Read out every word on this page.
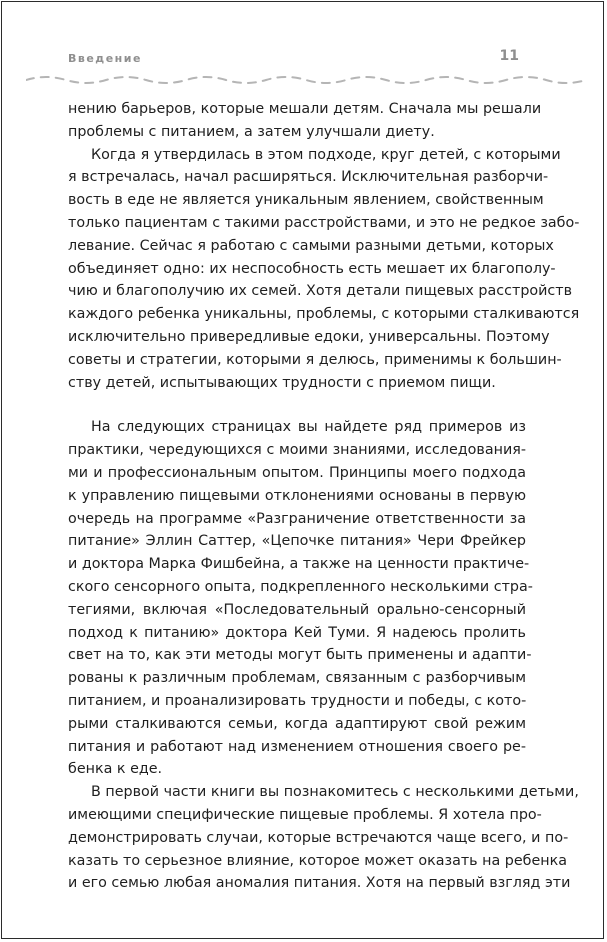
Введение	11
нению барьеров, которые мешали детям. Сначала мы решали
проблемы с питанием, а затем улучшали диету.
Когда я утвердилась в этом подходе, круг детей, с которыми
я встречалась, начал расширяться. Исключительная разборчи-
вость в еде не является уникальным явлением, свойственным
только пациентам с такими расстройствами, и это не редкое забо-
левание. Сейчас я работаю с самыми разными детьми, которых
объединяет одно: их неспособность есть мешает их благополу-
чию и благополучию их семей. Хотя детали пищевых расстройств
каждого ребенка уникальны, проблемы, с которыми сталкиваются
исключительно привередливые едоки, универсальны. Поэтому
советы и стратегии, которыми я делюсь, применимы к большин-
ству детей, испытывающих трудности с приемом пищи.
На следующих страницах вы найдете ряд примеров из
практики, чередующихся с моими знаниями, исследования-
ми и профессиональным опытом. Принципы моего подхода
к управлению пищевыми отклонениями основаны в первую
очередь на программе «Разграничение ответственности за
питание» Эллин Саттер, «Цепочке питания» Чери Фрейкер
и доктора Марка Фишбейна, а также на ценности практиче-
ского сенсорного опыта, подкрепленного несколькими стра-
тегиями, включая «Последовательный орально-сенсорный
подход к питанию» доктора Кей Туми. Я надеюсь пролить
свет на то, как эти методы могут быть применены и адапти-
рованы к различным проблемам, связанным с разборчивым
питанием, и проанализировать трудности и победы, с кото-
рыми сталкиваются семьи, когда адаптируют свой режим
питания и работают над изменением отношения своего ре-
бенка к еде.
В первой части книги вы познакомитесь с несколькими детьми,
имеющими специфические пищевые проблемы. Я хотела про-
демонстрировать случаи, которые встречаются чаще всего, и по-
казать то серьезное влияние, которое может оказать на ребенка
и его семью любая аномалия питания. Хотя на первый взгляд эти
